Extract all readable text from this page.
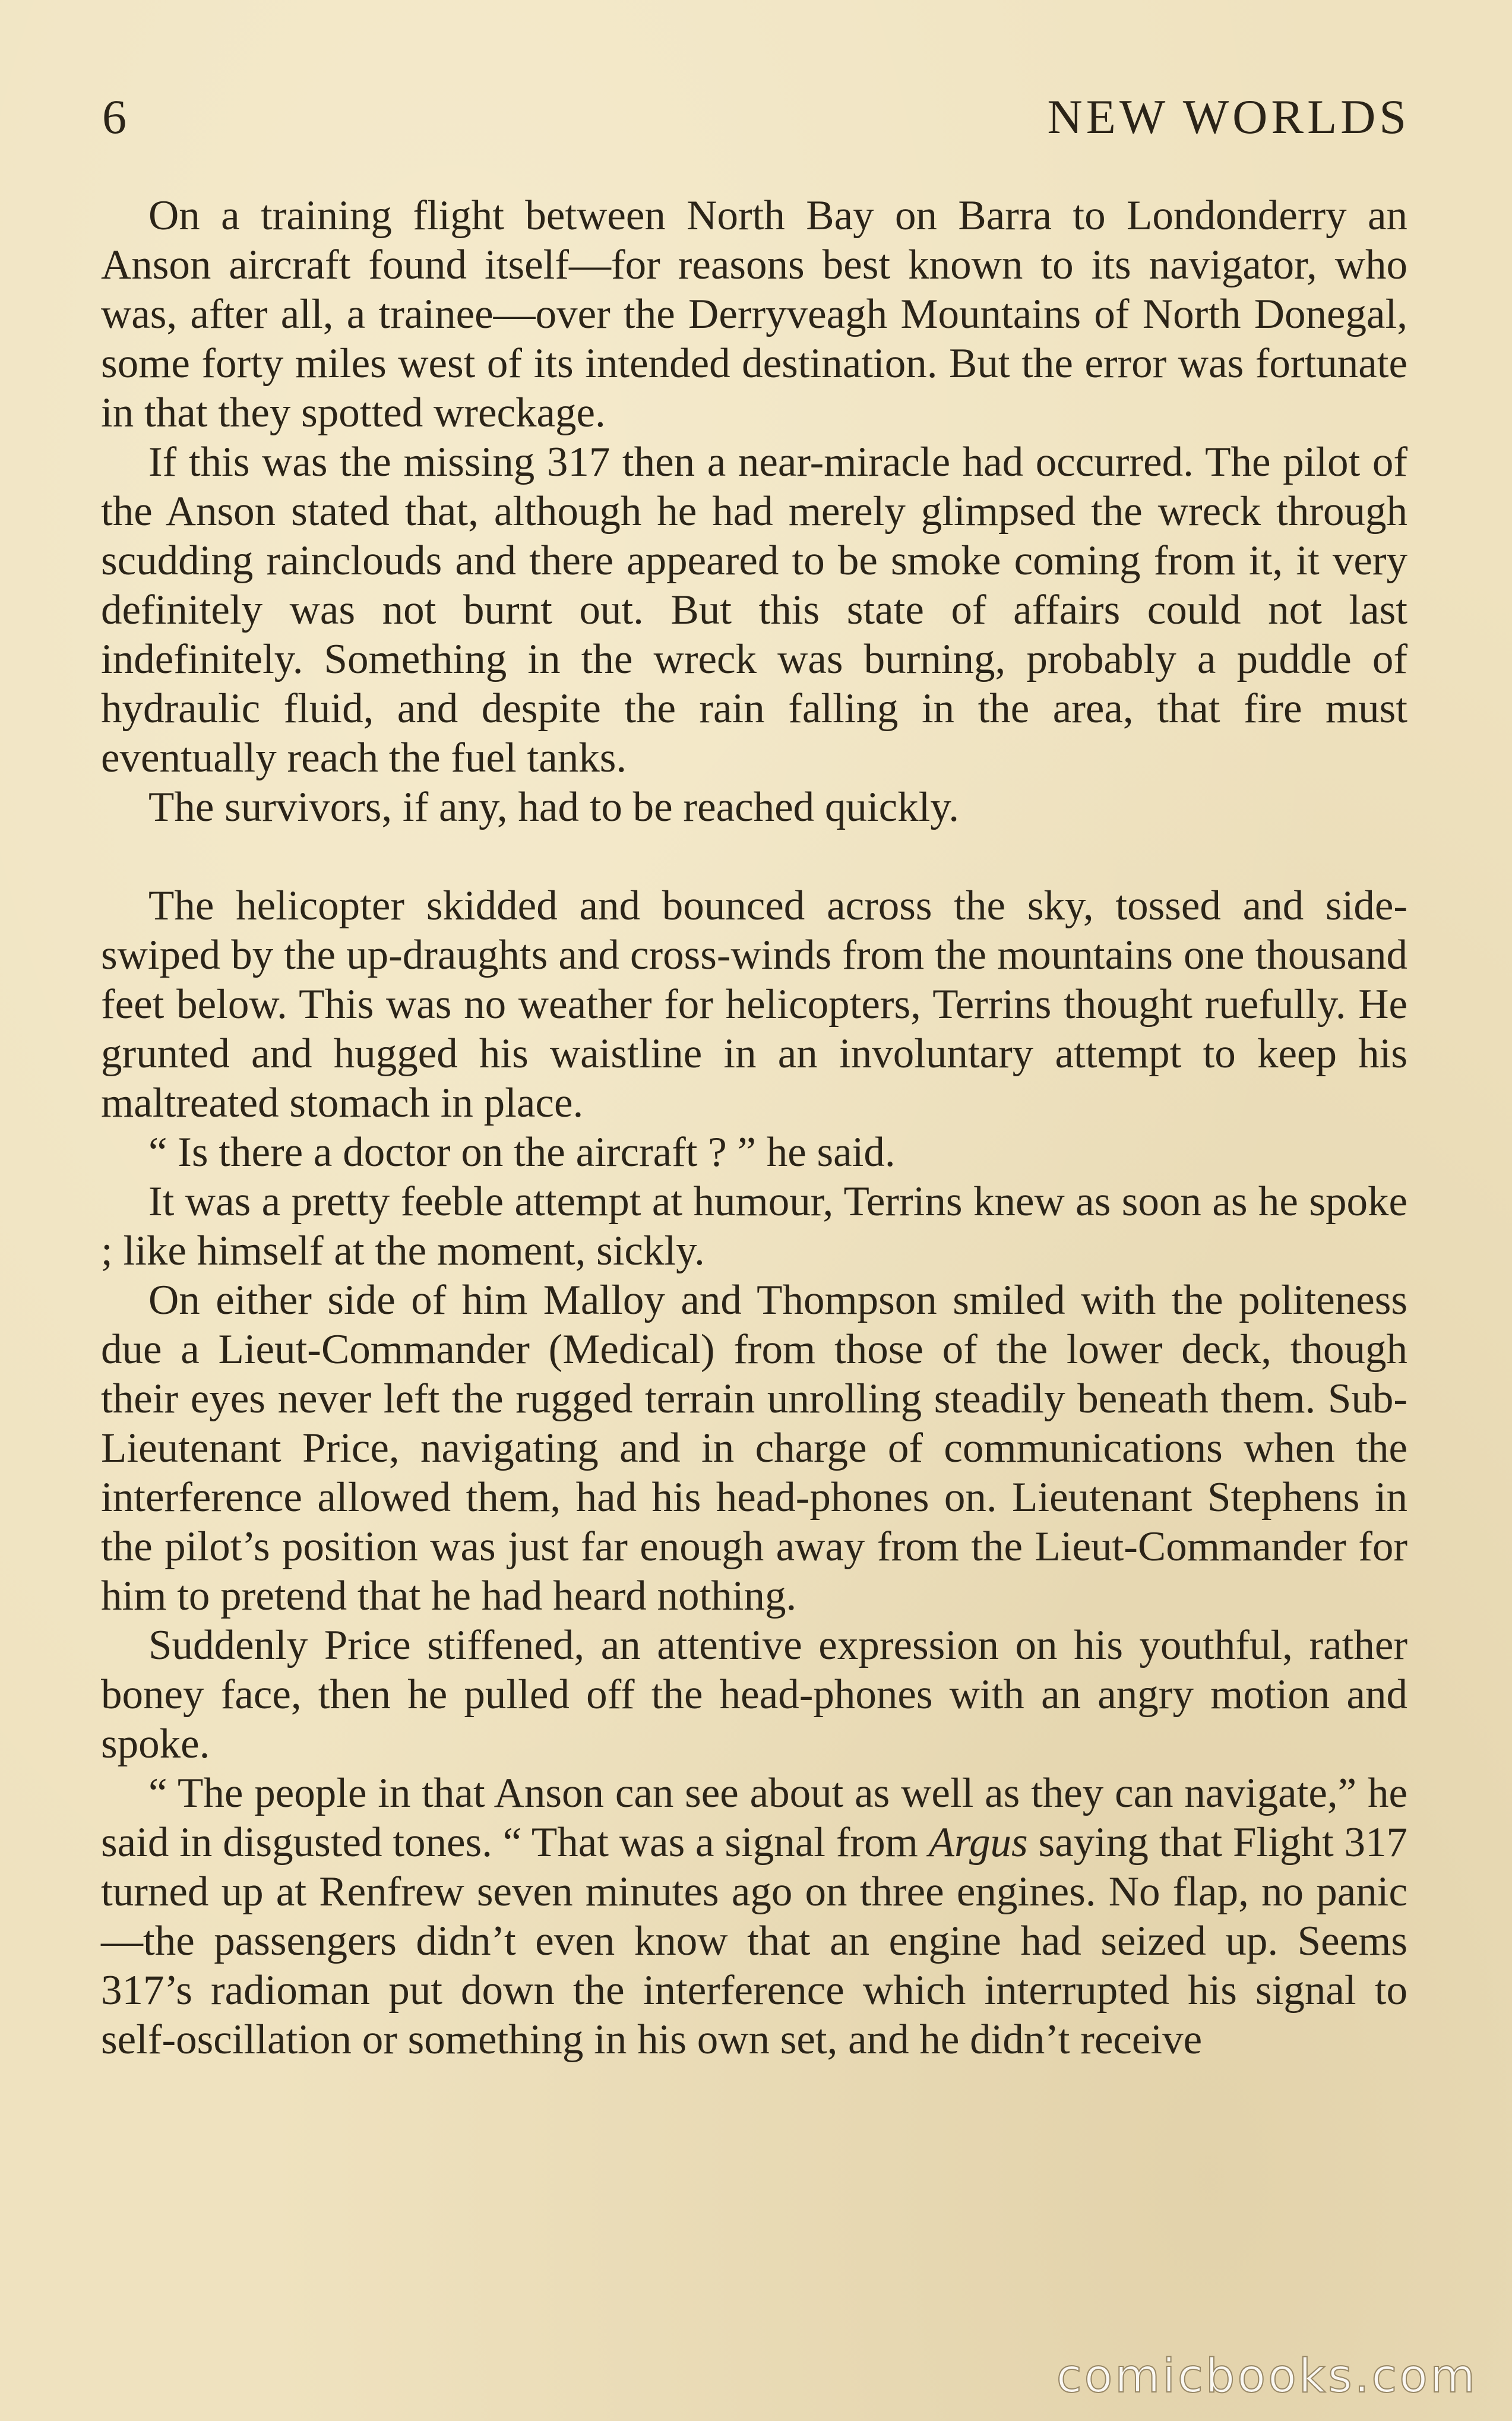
6	NEW WORLDS

On a training flight between North Bay on Barra to Londonderry an Anson aircraft found itself—for reasons best known to its navigator, who was, after all, a trainee—over the Derryveagh Mountains of North Donegal, some forty miles west of its intended destination. But the error was fortunate in that they spotted wreckage.

If this was the missing 317 then a near-miracle had occurred. The pilot of the Anson stated that, although he had merely glimpsed the wreck through scudding rainclouds and there appeared to be smoke coming from it, it very definitely was not burnt out. But this state of affairs could not last indefinitely. Something in the wreck was burning, probably a puddle of hydraulic fluid, and despite the rain falling in the area, that fire must eventually reach the fuel tanks.

The survivors, if any, had to be reached quickly.

The helicopter skidded and bounced across the sky, tossed and side-swiped by the up-draughts and cross-winds from the mountains one thousand feet below. This was no weather for helicopters, Terrins thought ruefully. He grunted and hugged his waistline in an involuntary attempt to keep his maltreated stomach in place.

“ Is there a doctor on the aircraft ? ” he said.

It was a pretty feeble attempt at humour, Terrins knew as soon as he spoke ; like himself at the moment, sickly.

On either side of him Malloy and Thompson smiled with the politeness due a Lieut-Commander (Medical) from those of the lower deck, though their eyes never left the rugged terrain unrolling steadily beneath them. Sub-Lieutenant Price, navigating and in charge of communications when the interference allowed them, had his head-phones on. Lieutenant Stephens in the pilot’s position was just far enough away from the Lieut-Commander for him to pretend that he had heard nothing.

Suddenly Price stiffened, an attentive expression on his youthful, rather boney face, then he pulled off the head-phones with an angry motion and spoke.

“ The people in that Anson can see about as well as they can navigate,” he said in disgusted tones. “ That was a signal from Argus saying that Flight 317 turned up at Renfrew seven minutes ago on three engines. No flap, no panic—the passengers didn’t even know that an engine had seized up. Seems 317’s radioman put down the interference which interrupted his signal to self-oscillation or something in his own set, and he didn’t receive

comicbooks.com
